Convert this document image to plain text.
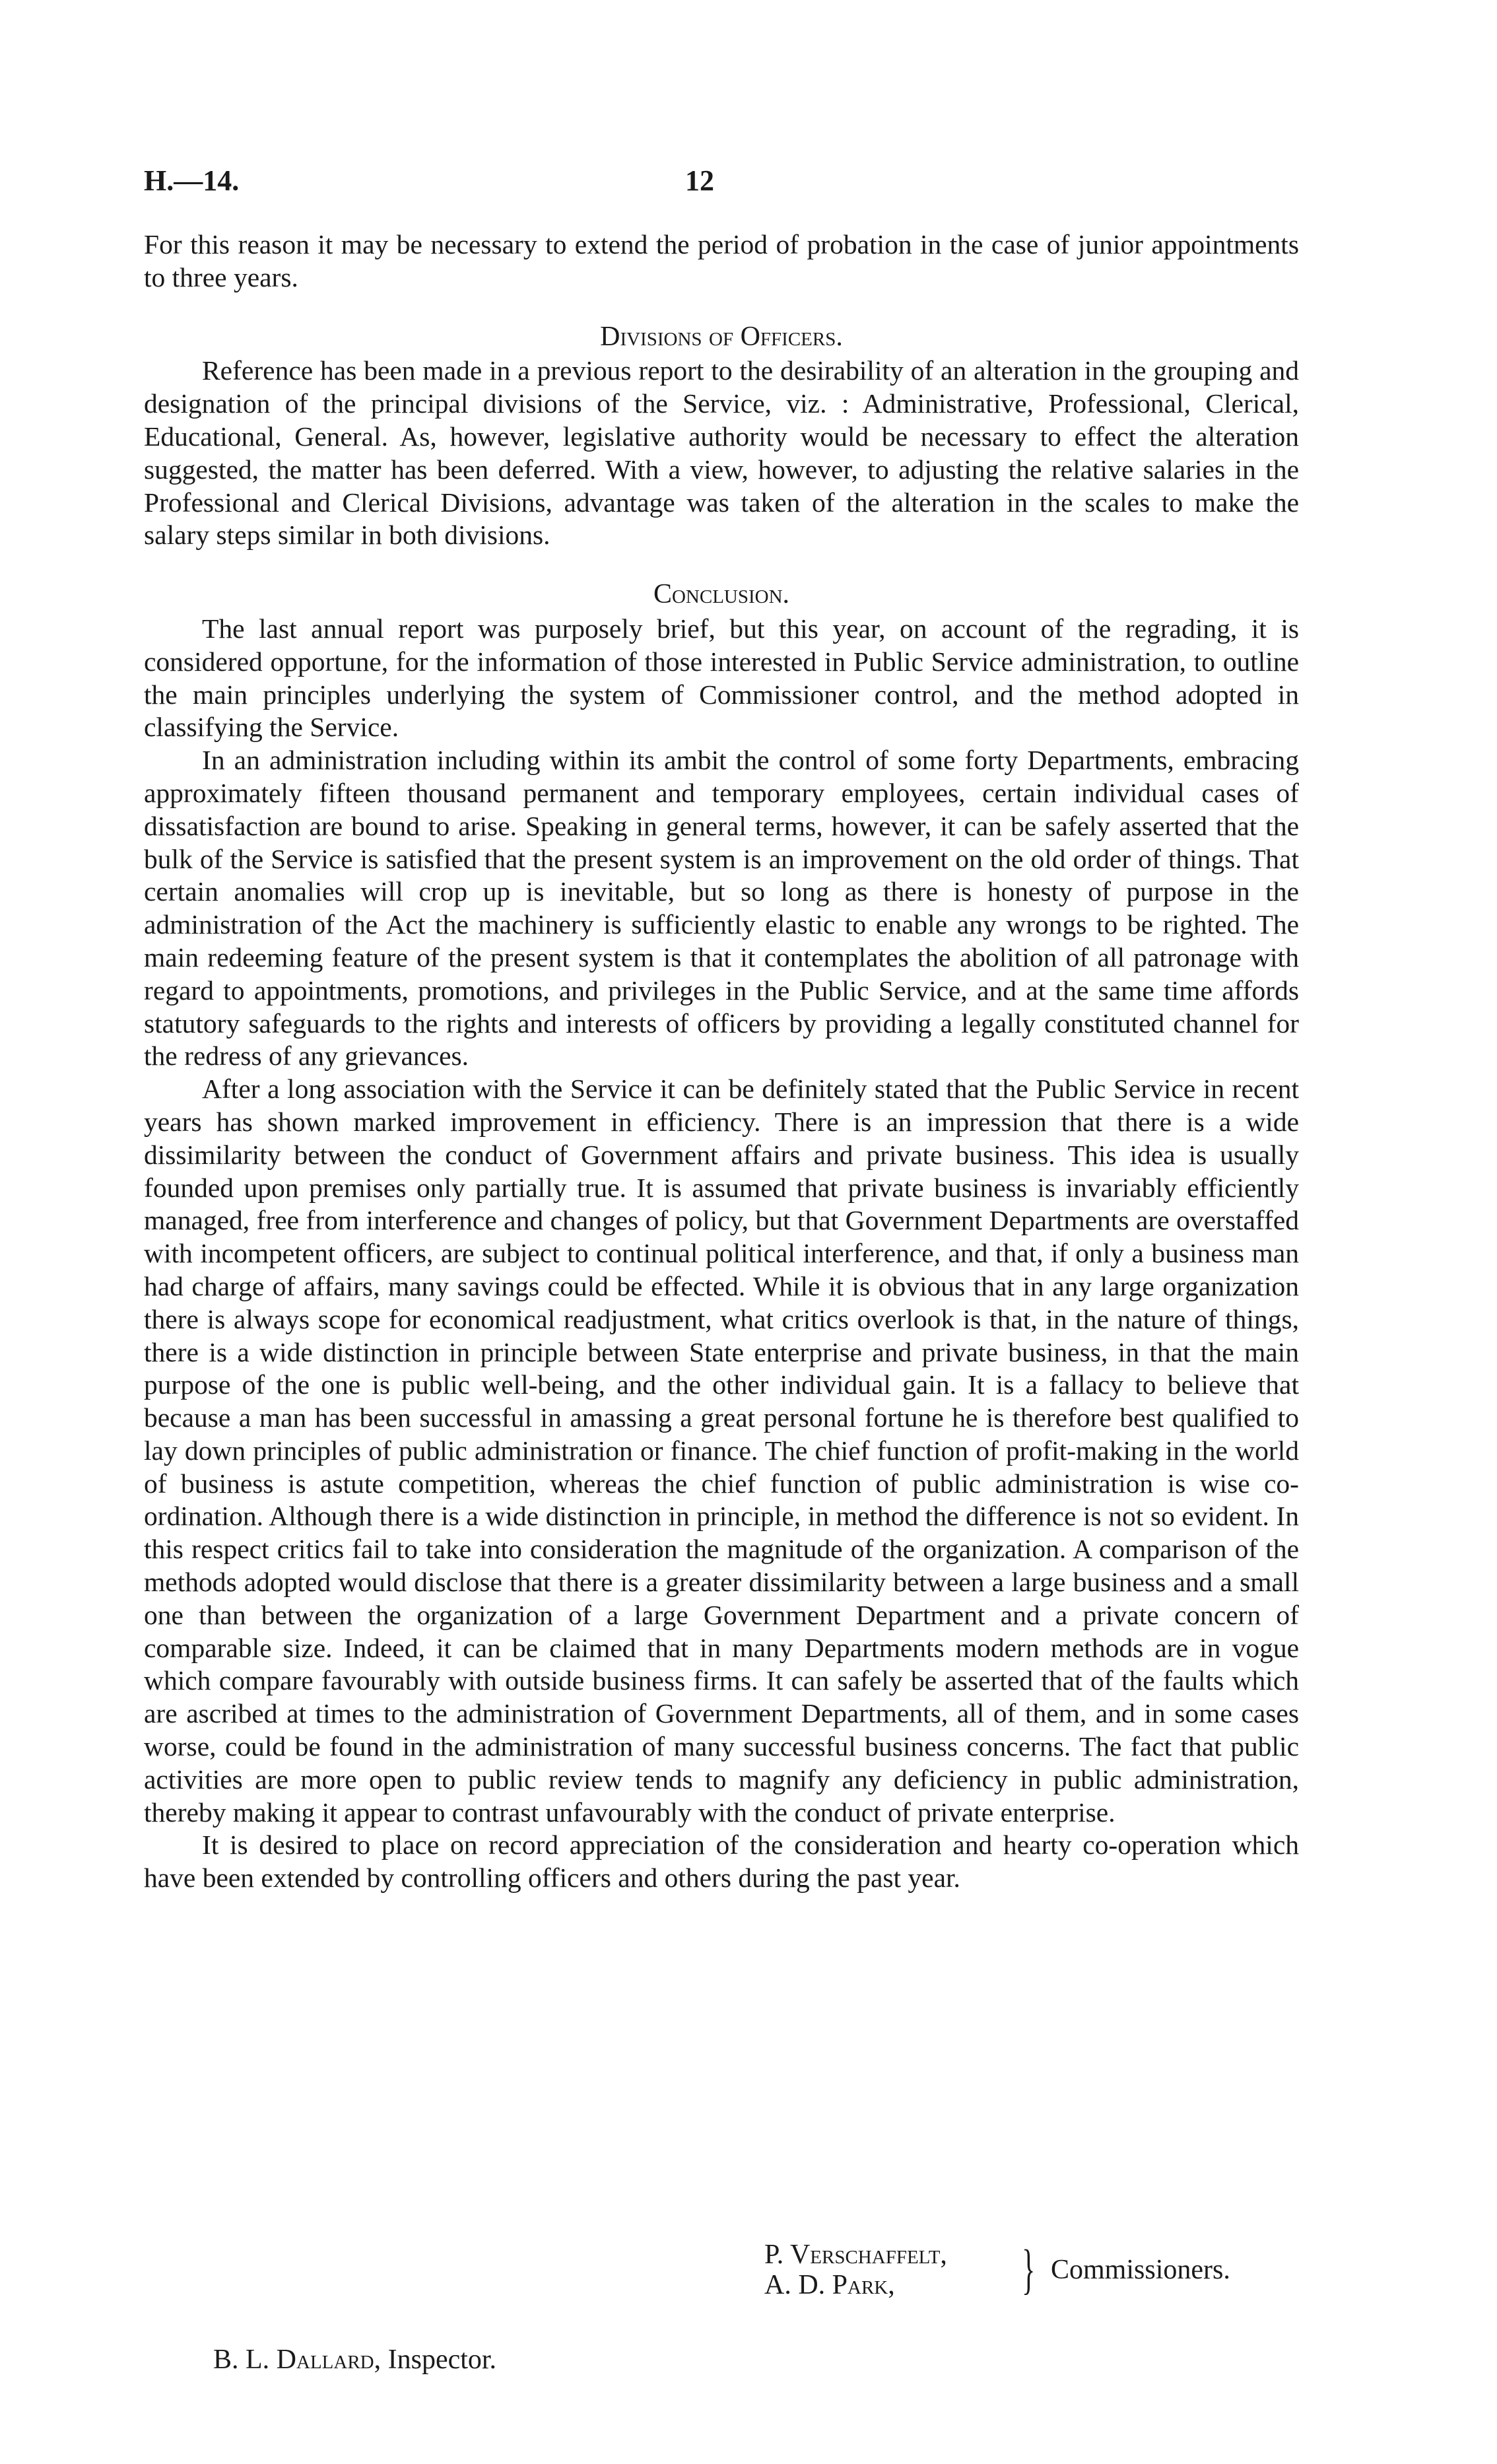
H.—14.	12

For this reason it may be necessary to extend the period of probation in the case of junior appointments to three years.

Divisions of Officers.

Reference has been made in a previous report to the desirability of an alteration in the grouping and designation of the principal divisions of the Service, viz. : Administrative, Professional, Clerical, Educational, General. As, however, legislative authority would be necessary to effect the alteration suggested, the matter has been deferred. With a view, however, to adjusting the relative salaries in the Professional and Clerical Divisions, advantage was taken of the alteration in the scales to make the salary steps similar in both divisions.

Conclusion.

The last annual report was purposely brief, but this year, on account of the regrading, it is considered opportune, for the information of those interested in Public Service administration, to outline the main principles underlying the system of Commissioner control, and the method adopted in classifying the Service.

In an administration including within its ambit the control of some forty Departments, embracing approximately fifteen thousand permanent and temporary employees, certain individual cases of dissatisfaction are bound to arise. Speaking in general terms, however, it can be safely asserted that the bulk of the Service is satisfied that the present system is an improvement on the old order of things. That certain anomalies will crop up is inevitable, but so long as there is honesty of purpose in the administration of the Act the machinery is sufficiently elastic to enable any wrongs to be righted. The main redeeming feature of the present system is that it contemplates the abolition of all patronage with regard to appointments, promotions, and privileges in the Public Service, and at the same time affords statutory safeguards to the rights and interests of officers by providing a legally constituted channel for the redress of any grievances.

After a long association with the Service it can be definitely stated that the Public Service in recent years has shown marked improvement in efficiency. There is an impression that there is a wide dissimilarity between the conduct of Government affairs and private business. This idea is usually founded upon premises only partially true. It is assumed that private business is invariably efficiently managed, free from interference and changes of policy, but that Government Departments are overstaffed with incompetent officers, are subject to continual political interference, and that, if only a business man had charge of affairs, many savings could be effected. While it is obvious that in any large organization there is always scope for economical readjustment, what critics overlook is that, in the nature of things, there is a wide distinction in principle between State enterprise and private business, in that the main purpose of the one is public well-being, and the other individual gain. It is a fallacy to believe that because a man has been successful in amassing a great personal fortune he is therefore best qualified to lay down principles of public administration or finance. The chief function of profit-making in the world of business is astute competition, whereas the chief function of public administration is wise co-ordination. Although there is a wide distinction in principle, in method the difference is not so evident. In this respect critics fail to take into consideration the magnitude of the organization. A comparison of the methods adopted would disclose that there is a greater dissimilarity between a large business and a small one than between the organization of a large Government Department and a private concern of comparable size. Indeed, it can be claimed that in many Departments modern methods are in vogue which compare favourably with outside business firms. It can safely be asserted that of the faults which are ascribed at times to the administration of Government Departments, all of them, and in some cases worse, could be found in the administration of many successful business concerns. The fact that public activities are more open to public review tends to magnify any deficiency in public administration, thereby making it appear to contrast unfavourably with the conduct of private enterprise.

It is desired to place on record appreciation of the consideration and hearty co-operation which have been extended by controlling officers and others during the past year.

P. Verschaffelt,
A. D. Park,	} Commissioners.
B. L. Dallard, Inspector.
